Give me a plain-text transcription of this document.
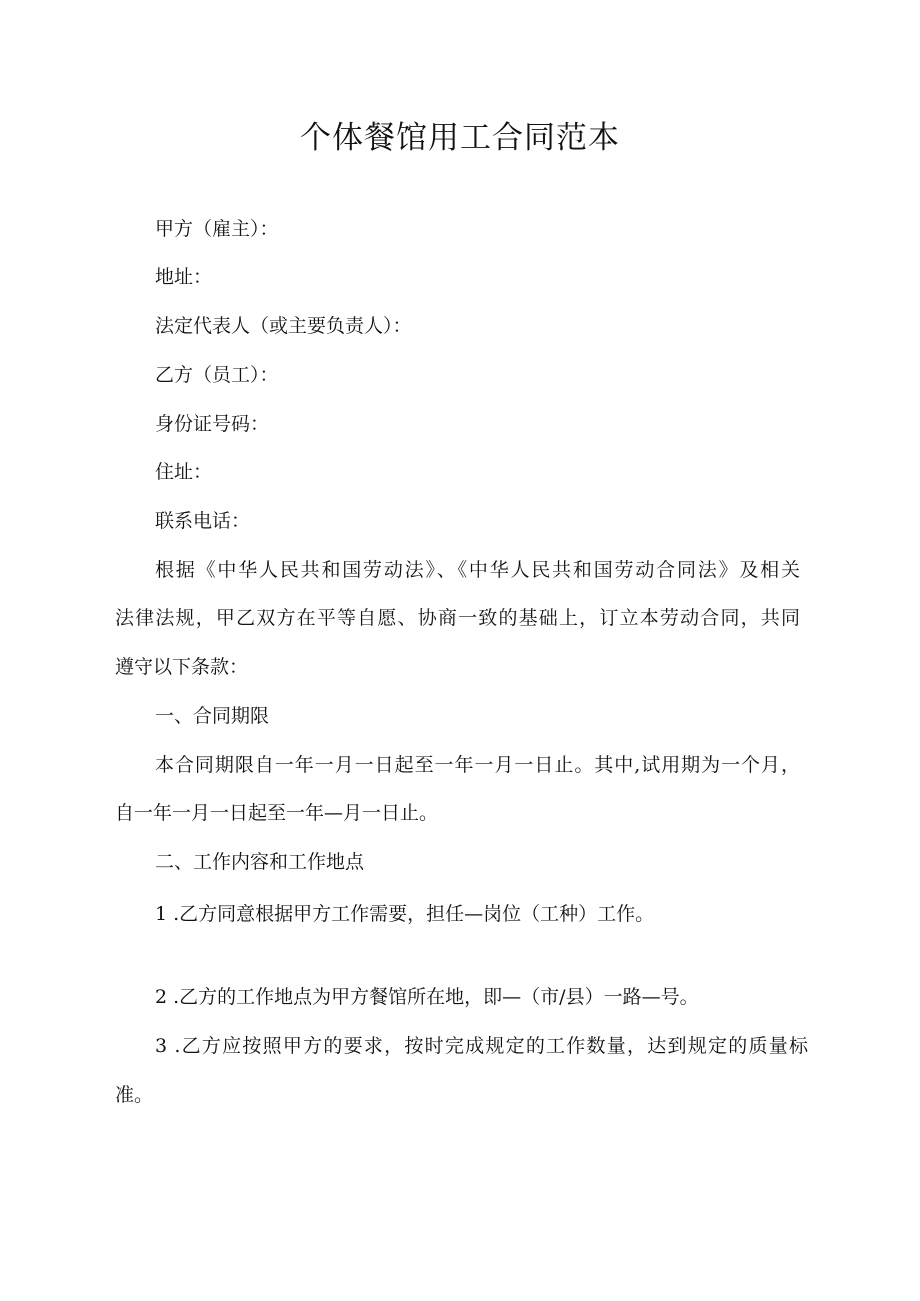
个体餐馆用工合同范本
甲方（雇主）：
地址：
法定代表人（或主要负责人）：
乙方（员工）：
身份证号码：
住址：
联系电话：
根据《中华人民共和国劳动法》、《中华人民共和国劳动合同法》及相关
法律法规，甲乙双方在平等自愿、协商一致的基础上，订立本劳动合同，共同
遵守以下条款：
一、合同期限
本合同期限自一年一月一日起至一年一月一日止。其中,试用期为一个月，
自一年一月一日起至一年—月一日止。
二、工作内容和工作地点
1 .乙方同意根据甲方工作需要，担任—岗位（工种）工作。
2 .乙方的工作地点为甲方餐馆所在地，即—（市/县）一路—号。
3 .乙方应按照甲方的要求，按时完成规定的工作数量，达到规定的质量标
准。
